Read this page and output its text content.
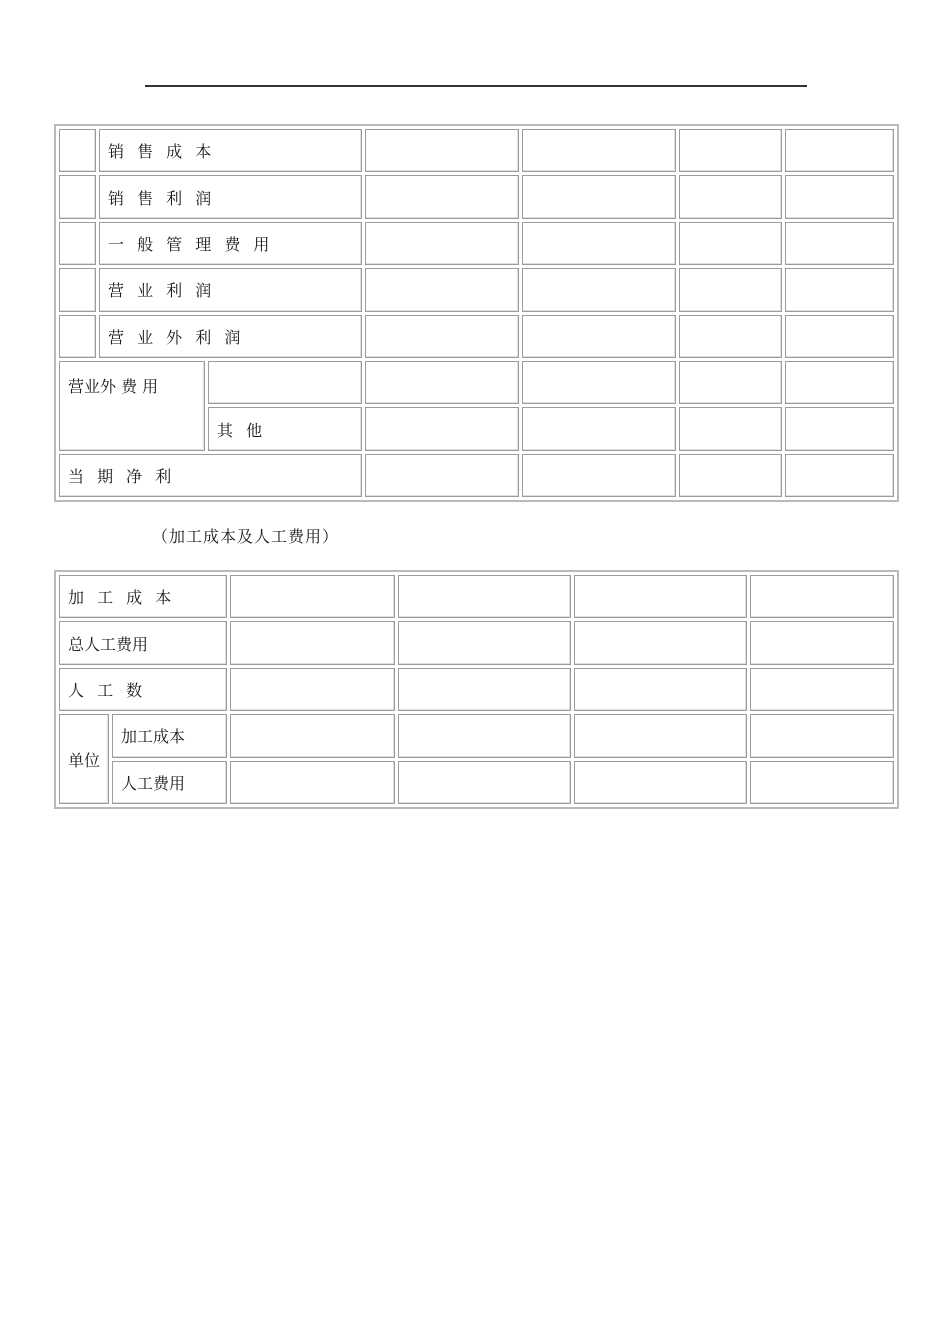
	销 售 成 本					
	销 售 利 润					
	一 般 管 理 费 用					
	营 业 利 润					
	营 业 外 利 润					
营业外 费 用						
		其 他				
当 期 净 利						
（加工成本及人工费用）
加 工 成 本					
总人工费用					
人 工 数					
单位	加工成本				
	人工费用				
